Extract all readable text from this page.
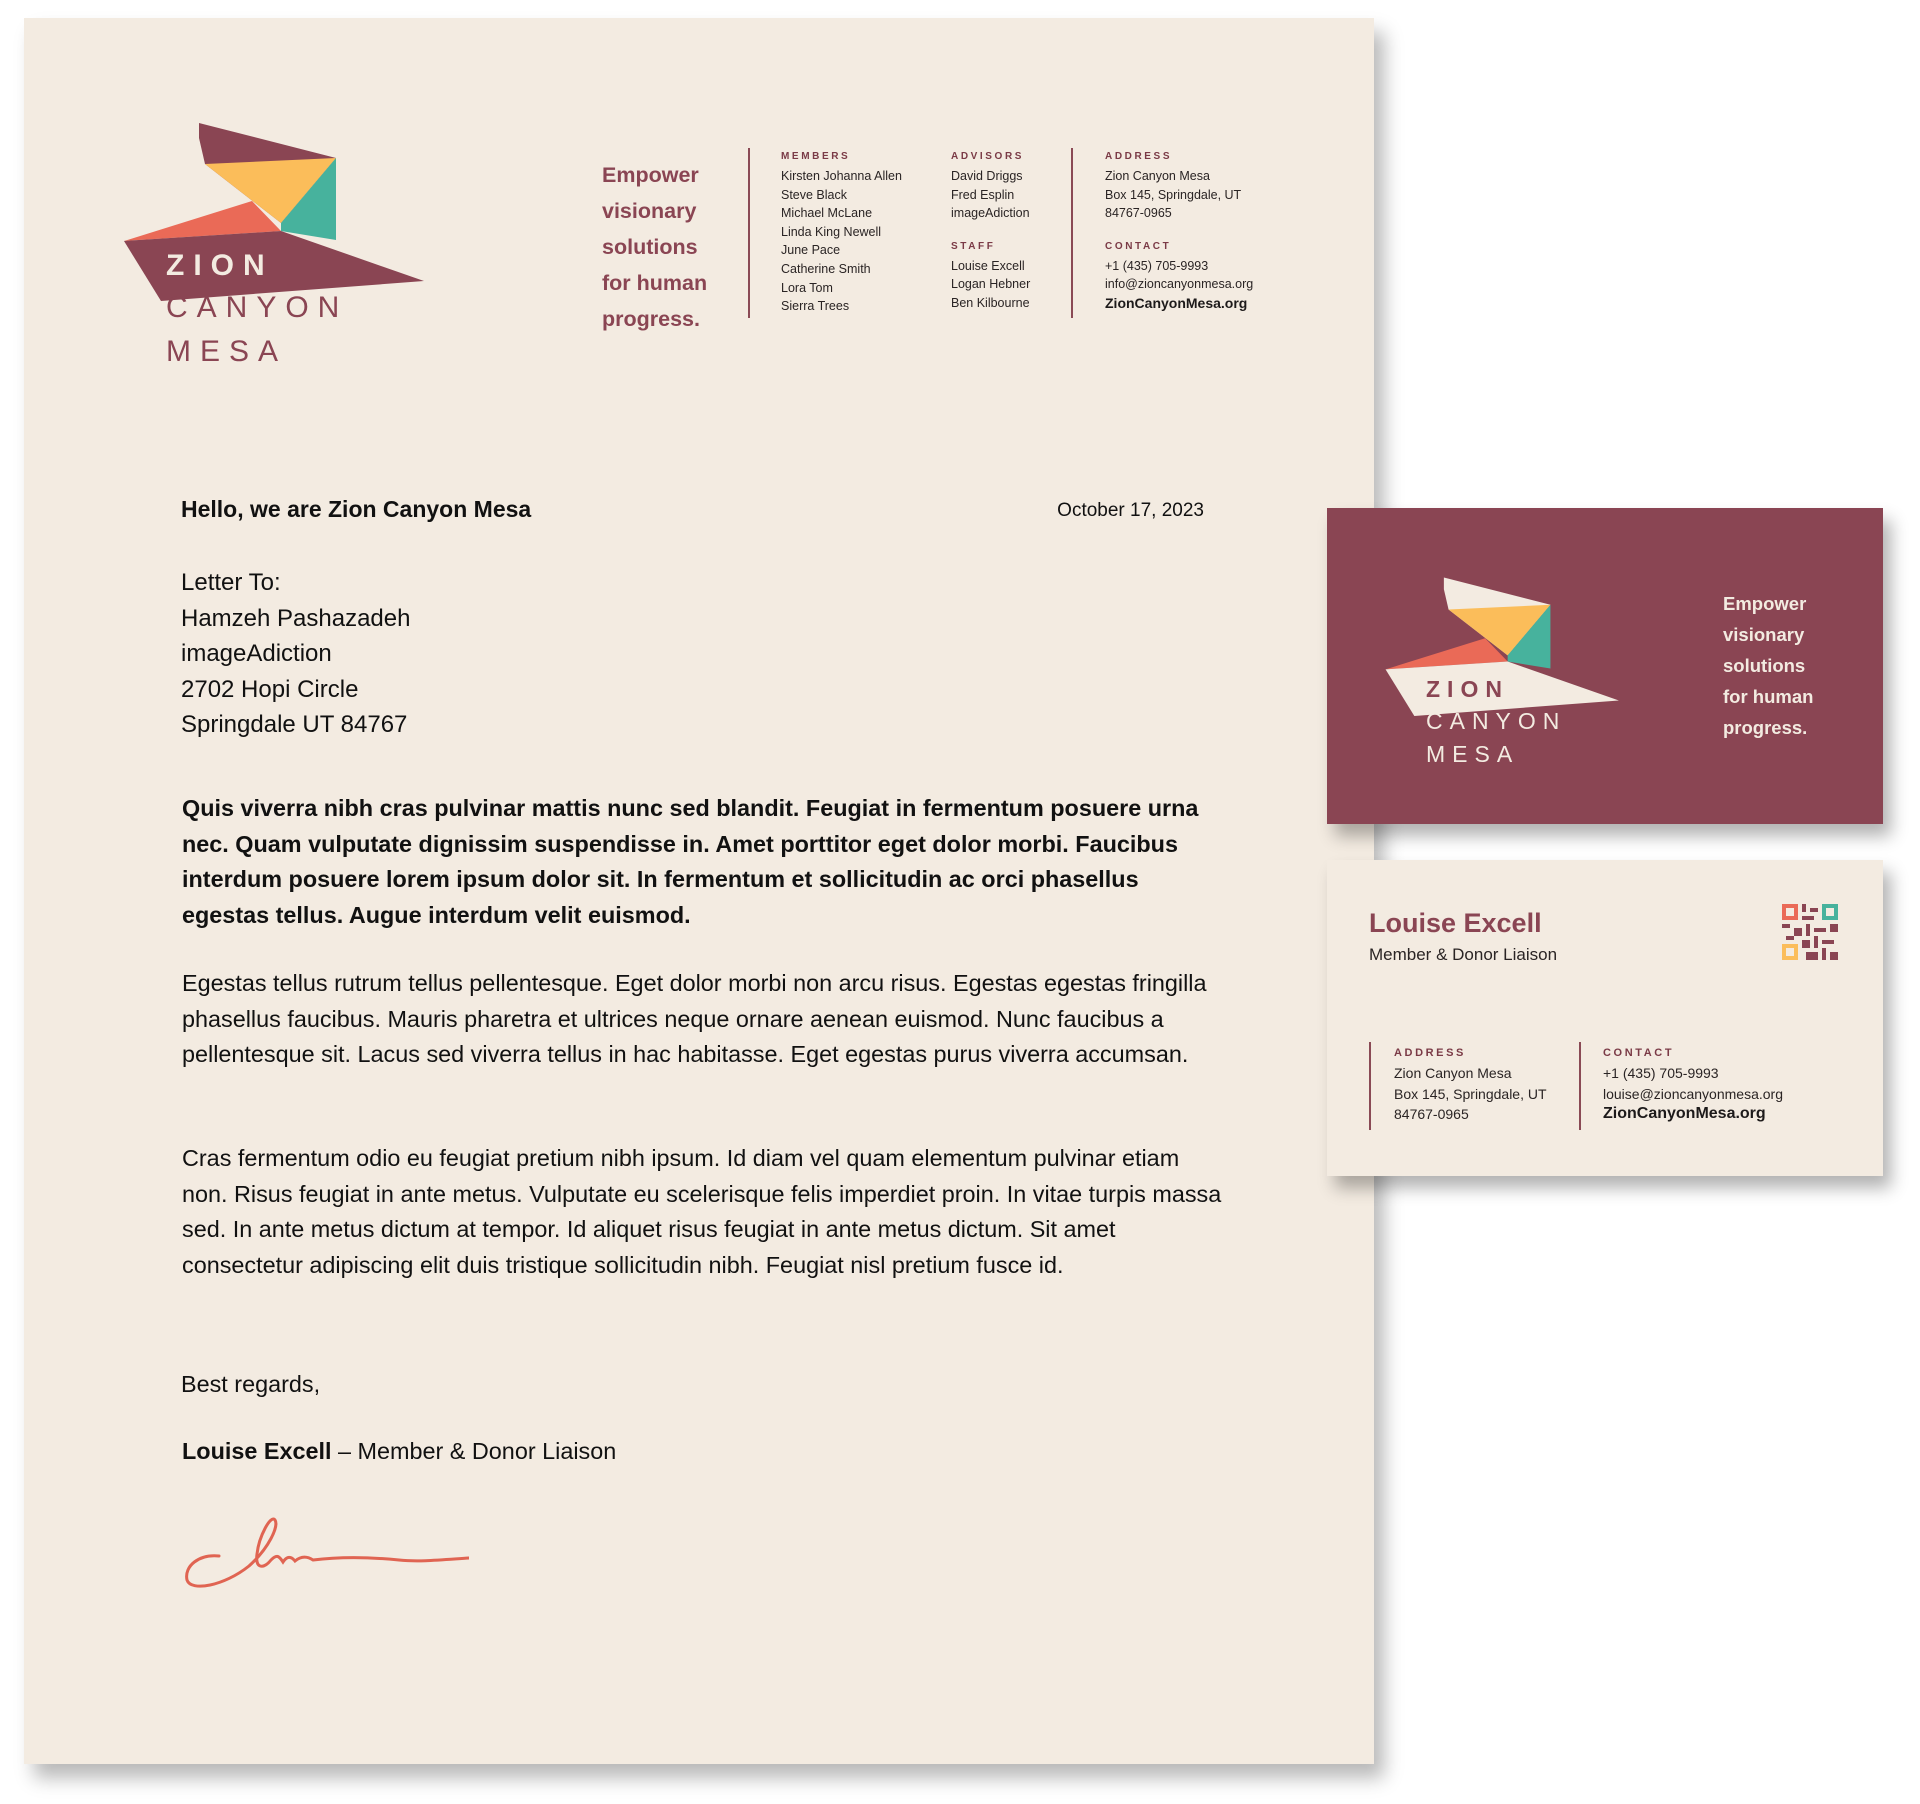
ZION
CANYON
MESA
Empower
visionary
solutions
for human
progress.
MEMBERS
Kirsten Johanna Allen
Steve Black
Michael McLane
Linda King Newell
June Pace
Catherine Smith
Lora Tom
Sierra Trees
ADVISORS
David Driggs
Fred Esplin
imageAdiction
STAFF
Louise Excell
Logan Hebner
Ben Kilbourne
ADDRESS
Zion Canyon Mesa
Box 145, Springdale, UT
84767-0965
CONTACT
+1 (435) 705-9993
info@zioncanyonmesa.org
ZionCanyonMesa.org
Hello, we are Zion Canyon Mesa	October 17, 2023
Letter To:
Hamzeh Pashazadeh
imageAdiction
2702 Hopi Circle
Springdale UT 84767
Quis viverra nibh cras pulvinar mattis nunc sed blandit. Feugiat in fermentum posuere urna nec. Quam vulputate dignissim suspendisse in. Amet porttitor eget dolor morbi. Faucibus interdum posuere lorem ipsum dolor sit. In fermentum et sollicitudin ac orci phasellus egestas tellus. Augue interdum velit euismod.
Egestas tellus rutrum tellus pellentesque. Eget dolor morbi non arcu risus. Egestas egestas fringilla phasellus faucibus. Mauris pharetra et ultrices neque ornare aenean euismod. Nunc faucibus a pellentesque sit. Lacus sed viverra tellus in hac habitasse. Eget egestas purus viverra accumsan.
Cras fermentum odio eu feugiat pretium nibh ipsum. Id diam vel quam elementum pulvinar etiam non. Risus feugiat in ante metus. Vulputate eu scelerisque felis imperdiet proin. In vitae turpis massa sed. In ante metus dictum at tempor. Id aliquet risus feugiat in ante metus dictum. Sit amet consectetur adipiscing elit duis tristique sollicitudin nibh. Feugiat nisl pretium fusce id.
Best regards,
Louise Excell – Member & Donor Liaison
ZION
CANYON
MESA
Empower
visionary
solutions
for human
progress.
Louise Excell
Member & Donor Liaison
ADDRESS
Zion Canyon Mesa
Box 145, Springdale, UT
84767-0965
CONTACT
+1 (435) 705-9993
louise@zioncanyonmesa.org
ZionCanyonMesa.org
